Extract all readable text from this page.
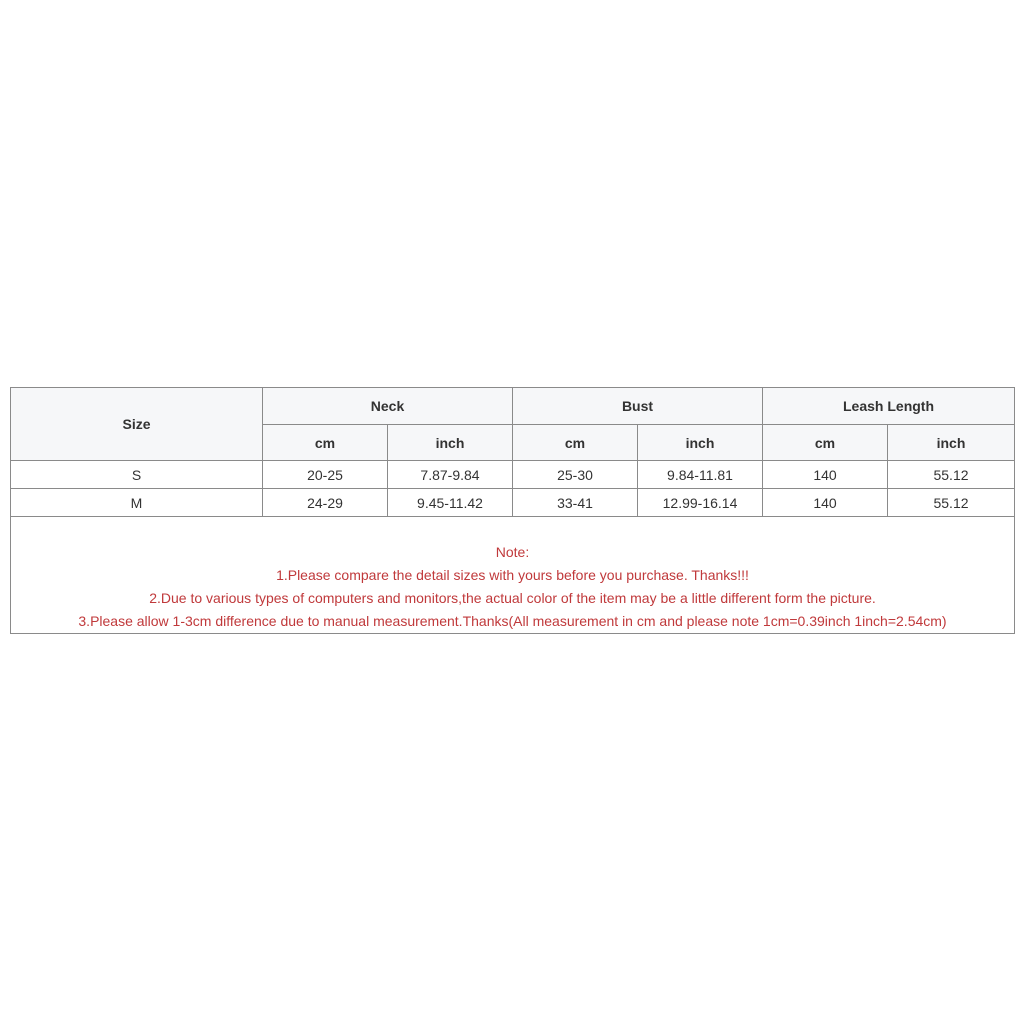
Size	Neck		Bust		Leash Length	
	cm	inch	cm	inch	cm	inch
S	20-25	7.87-9.84	25-30	9.84-11.81	140	55.12
M	24-29	9.45-11.42	33-41	12.99-16.14	140	55.12

Note:
1.Please compare the detail sizes with yours before you purchase. Thanks!!!
2.Due to various types of computers and monitors,the actual color of the item may be a little different form the picture.
3.Please allow 1-3cm difference due to manual measurement.Thanks(All measurement in cm and please note 1cm=0.39inch 1inch=2.54cm)						
